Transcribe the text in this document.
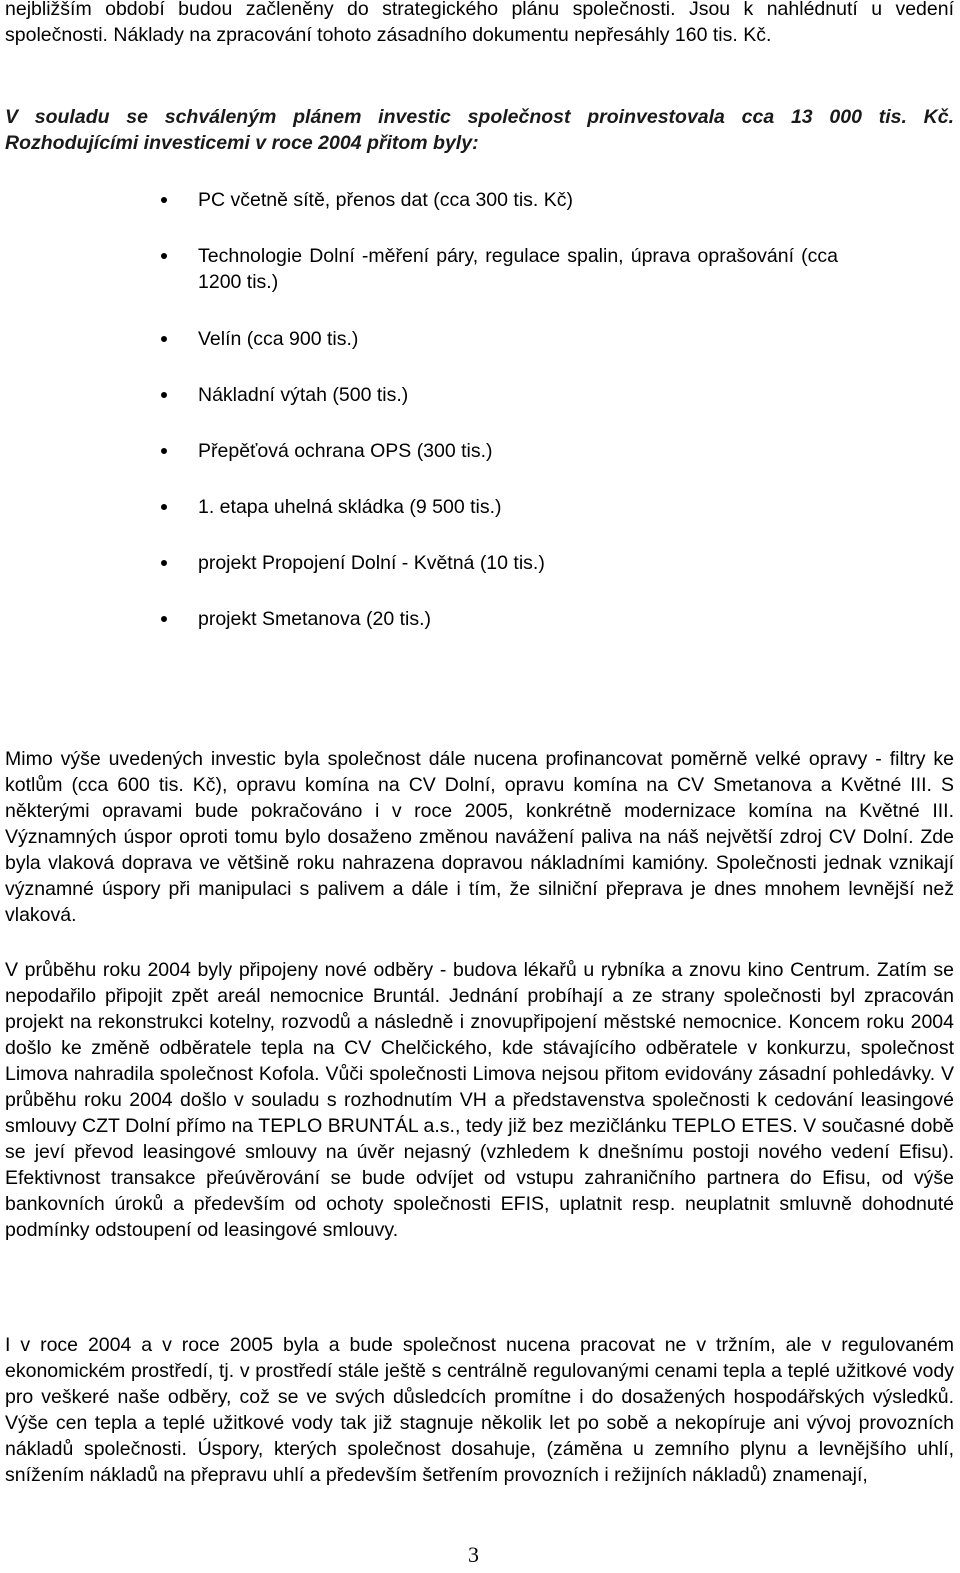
nejbližším období budou začleněny do strategického plánu společnosti. Jsou k nahlédnutí u vedení společnosti. Náklady na zpracování tohoto zásadního dokumentu nepřesáhly 160 tis. Kč.

V souladu se schváleným plánem investic společnost proinvestovala cca 13 000 tis. Kč. Rozhodujícími investicemi v roce 2004 přitom byly:

PC včetně sítě, přenos dat (cca 300 tis. Kč)
Technologie Dolní -měření páry, regulace spalin, úprava oprašování (cca 1200 tis.)
Velín (cca 900 tis.)
Nákladní výtah (500 tis.)
Přepěťová ochrana OPS (300 tis.)
1. etapa uhelná skládka (9 500 tis.)
projekt Propojení Dolní - Květná (10 tis.)
projekt Smetanova (20 tis.)

Mimo výše uvedených investic byla společnost dále nucena profinancovat poměrně velké opravy - filtry ke kotlům (cca 600 tis. Kč), opravu komína na CV Dolní, opravu komína na CV Smetanova a Květné III. S některými opravami bude pokračováno i v roce 2005, konkrétně modernizace komína na Květné III. Významných úspor oproti tomu bylo dosaženo změnou navážení paliva na náš největší zdroj CV Dolní. Zde byla vlaková doprava ve většině roku nahrazena dopravou nákladními kamióny. Společnosti jednak vznikají významné úspory při manipulaci s palivem a dále i tím, že silniční přeprava je dnes mnohem levnější než vlaková.

V průběhu roku 2004 byly připojeny nové odběry - budova lékařů u rybníka a znovu kino Centrum. Zatím se nepodařilo připojit zpět areál nemocnice Bruntál. Jednání probíhají a ze strany společnosti byl zpracován projekt na rekonstrukci kotelny, rozvodů a následně i znovupřipojení městské nemocnice. Koncem roku 2004 došlo ke změně odběratele tepla na CV Chelčického, kde stávajícího odběratele v konkurzu, společnost Limova nahradila společnost Kofola. Vůči společnosti Limova nejsou přitom evidovány zásadní pohledávky. V průběhu roku 2004 došlo v souladu s rozhodnutím VH a představenstva společnosti k cedování leasingové smlouvy CZT Dolní přímo na TEPLO BRUNTÁL a.s., tedy již bez mezičlánku TEPLO ETES. V současné době se jeví převod leasingové smlouvy na úvěr nejasný (vzhledem k dnešnímu postoji nového vedení Efisu). Efektivnost transakce přeúvěrování se bude odvíjet od vstupu zahraničního partnera do Efisu, od výše bankovních úroků a především od ochoty společnosti EFIS, uplatnit resp. neuplatnit smluvně dohodnuté podmínky odstoupení od leasingové smlouvy.

I v roce 2004 a v roce 2005 byla a bude společnost nucena pracovat ne v tržním, ale v regulovaném ekonomickém prostředí, tj. v prostředí stále ještě s centrálně regulovanými cenami tepla a teplé užitkové vody pro veškeré naše odběry, což se ve svých důsledcích promítne i do dosažených hospodářských výsledků. Výše cen tepla a teplé užitkové vody tak již stagnuje několik let po sobě a nekopíruje ani vývoj provozních nákladů společnosti. Úspory, kterých společnost dosahuje, (záměna u zemního plynu a levnějšího uhlí, snížením nákladů na přepravu uhlí a především šetřením provozních i režijních nákladů) znamenají,

3
